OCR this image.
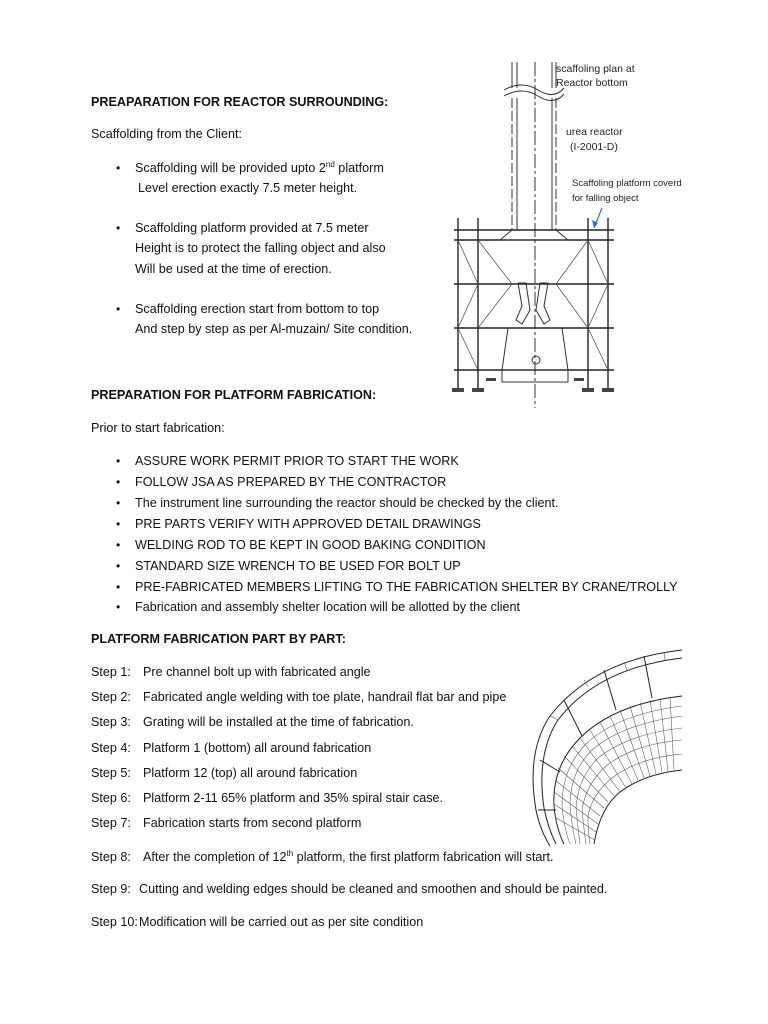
PREAPARATION FOR REACTOR SURROUNDING:
Scaffolding from the Client:
• Scaffolding will be provided upto 2nd platform
Level erection exactly 7.5 meter height.
• Scaffolding platform provided at 7.5 meter
Height is to protect the falling object and also
Will be used at the time of erection.
• Scaffolding erection start from bottom to top
And step by step as per Al-muzain/ Site condition.
scaffoling plan at
Reactor bottom
urea reactor
(I-2001-D)
Scaffoling platform coverd
for falling object
PREPARATION FOR PLATFORM FABRICATION:
Prior to start fabrication:
• ASSURE WORK PERMIT PRIOR TO START THE WORK
• FOLLOW JSA AS PREPARED BY THE CONTRACTOR
• The instrument line surrounding the reactor should be checked by the client.
• PRE PARTS VERIFY WITH APPROVED DETAIL DRAWINGS
• WELDING ROD TO BE KEPT IN GOOD BAKING CONDITION
• STANDARD SIZE WRENCH TO BE USED FOR BOLT UP
• PRE-FABRICATED MEMBERS LIFTING TO THE FABRICATION SHELTER BY CRANE/TROLLY
• Fabrication and assembly shelter location will be allotted by the client
PLATFORM FABRICATION PART BY PART:
Step 1: Pre channel bolt up with fabricated angle
Step 2: Fabricated angle welding with toe plate, handrail flat bar and pipe
Step 3: Grating will be installed at the time of fabrication.
Step 4: Platform 1 (bottom) all around fabrication
Step 5: Platform 12 (top) all around fabrication
Step 6: Platform 2-11 65% platform and 35% spiral stair case.
Step 7: Fabrication starts from second platform
Step 8: After the completion of 12th platform, the first platform fabrication will start.
Step 9: Cutting and welding edges should be cleaned and smoothen and should be painted.
Step 10:Modification will be carried out as per site condition
